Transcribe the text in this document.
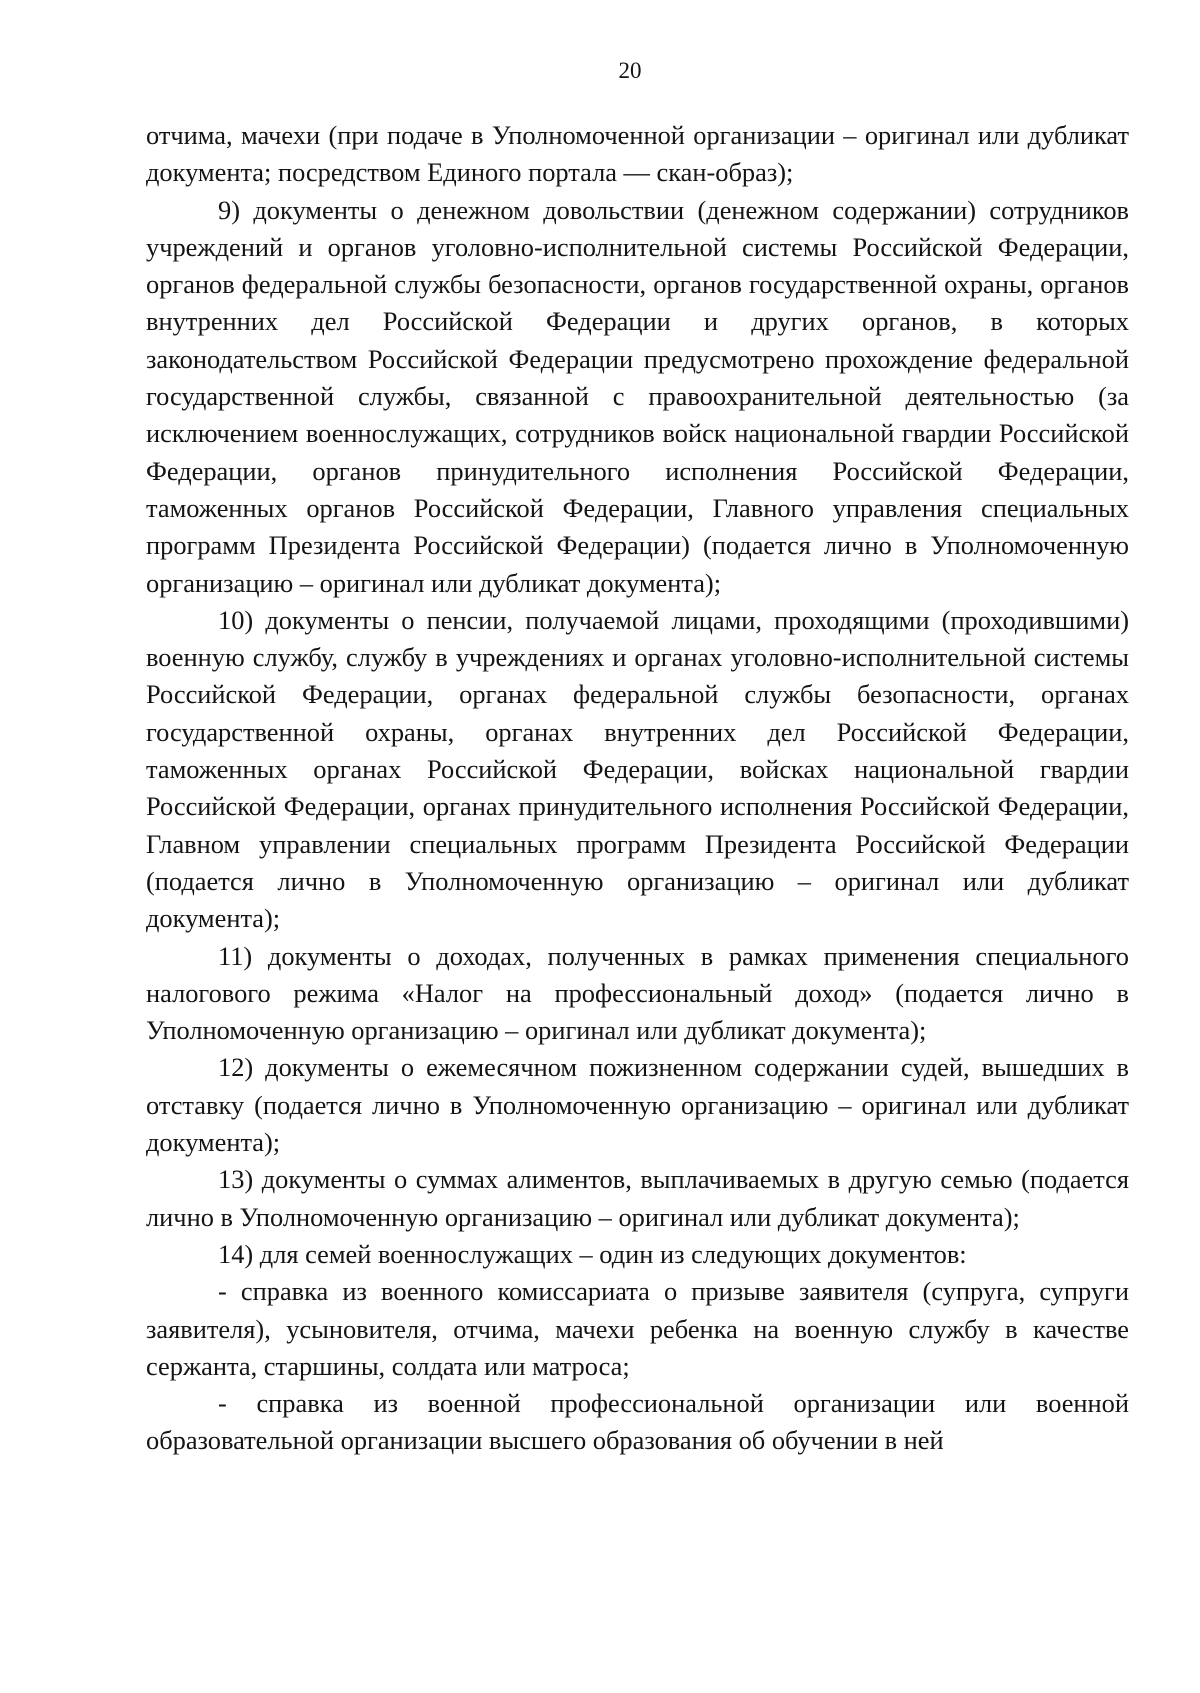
20

отчима, мачехи (при подаче в Уполномоченной организации – оригинал или дубликат документа; посредством Единого портала — скан-образ);

9) документы о денежном довольствии (денежном содержании) сотрудников учреждений и органов уголовно-исполнительной системы Российской Федерации, органов федеральной службы безопасности, органов государственной охраны, органов внутренних дел Российской Федерации и других органов, в которых законодательством Российской Федерации предусмотрено прохождение федеральной государственной службы, связанной с правоохранительной деятельностью (за исключением военнослужащих, сотрудников войск национальной гвардии Российской Федерации, органов принудительного исполнения Российской Федерации, таможенных органов Российской Федерации, Главного управления специальных программ Президента Российской Федерации) (подается лично в Уполномоченную организацию – оригинал или дубликат документа);

10) документы о пенсии, получаемой лицами, проходящими (проходившими) военную службу, службу в учреждениях и органах уголовно-исполнительной системы Российской Федерации, органах федеральной службы безопасности, органах государственной охраны, органах внутренних дел Российской Федерации, таможенных органах Российской Федерации, войсках национальной гвардии Российской Федерации, органах принудительного исполнения Российской Федерации, Главном управлении специальных программ Президента Российской Федерации (подается лично в Уполномоченную организацию – оригинал или дубликат документа);

11) документы о доходах, полученных в рамках применения специального налогового режима «Налог на профессиональный доход» (подается лично в Уполномоченную организацию – оригинал или дубликат документа);

12) документы о ежемесячном пожизненном содержании судей, вышедших в отставку (подается лично в Уполномоченную организацию – оригинал или дубликат документа);

13) документы о суммах алиментов, выплачиваемых в другую семью (подается лично в Уполномоченную организацию – оригинал или дубликат документа);

14) для семей военнослужащих – один из следующих документов:

- справка из военного комиссариата о призыве заявителя (супруга, супруги заявителя), усыновителя, отчима, мачехи ребенка на военную службу в качестве сержанта, старшины, солдата или матроса;

- справка из военной профессиональной организации или военной образовательной организации высшего образования об обучении в ней
